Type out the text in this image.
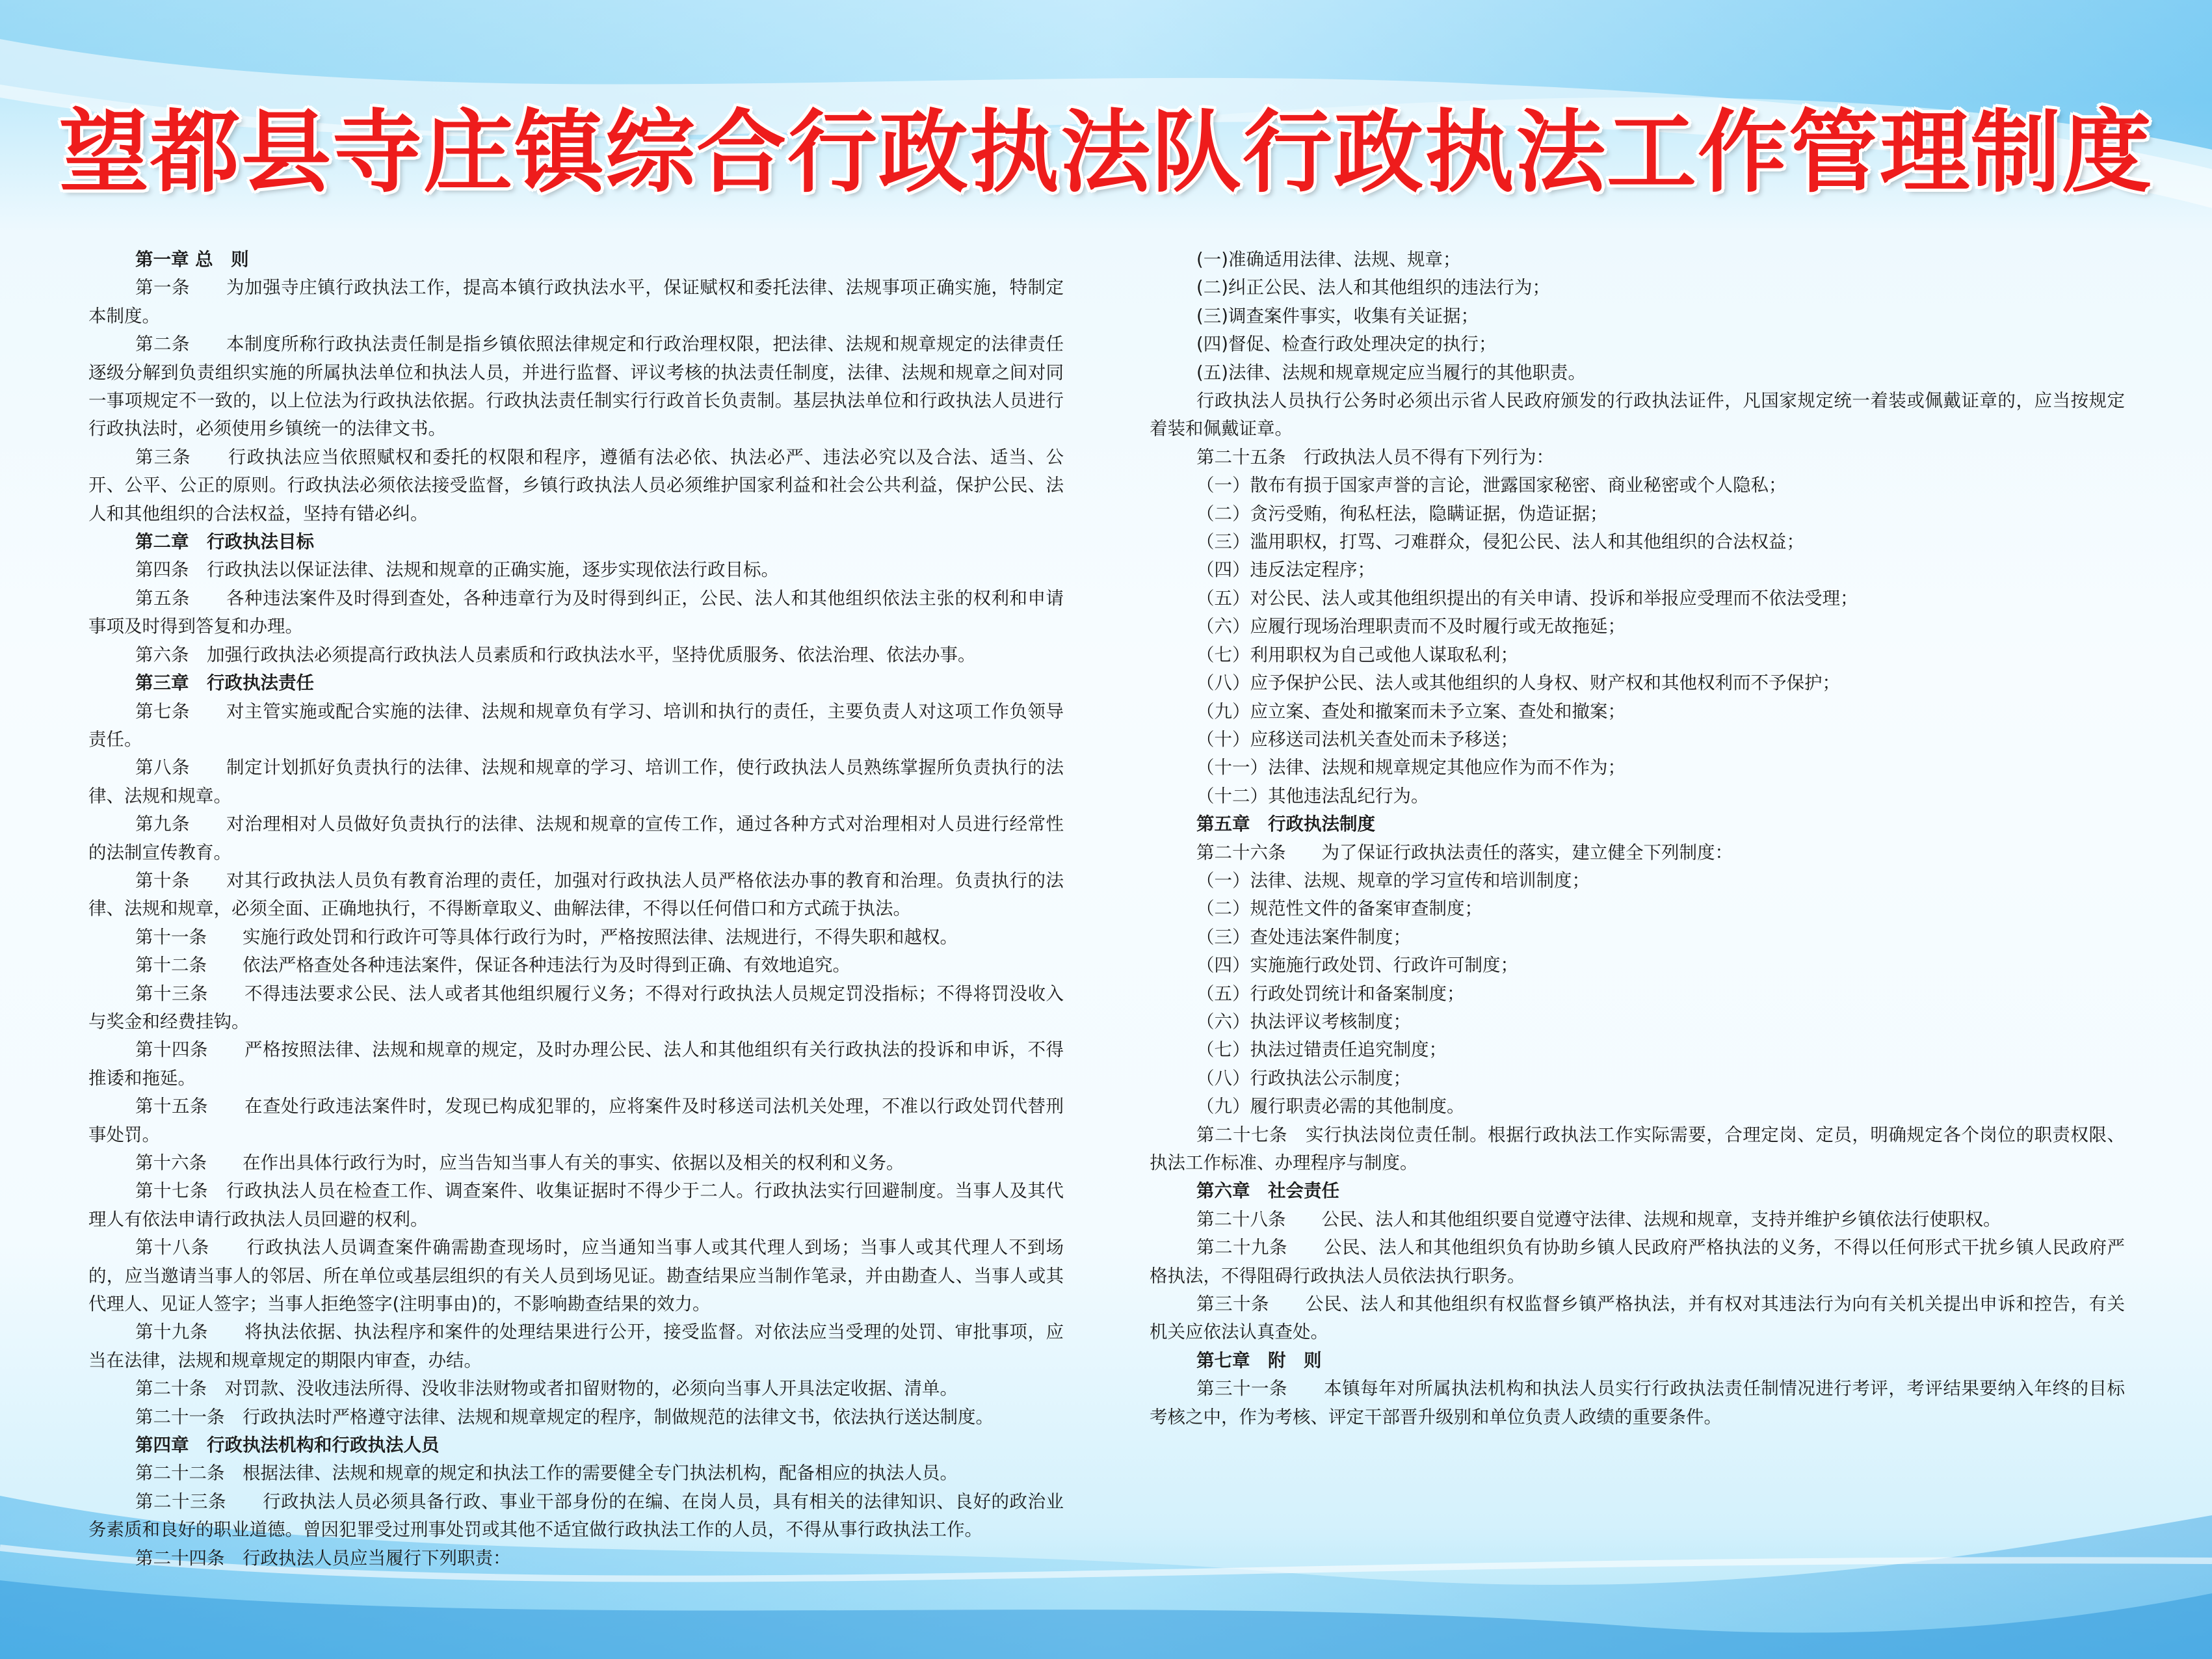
望都县寺庄镇综合行政执法队行政执法工作管理制度

第一章 总　则

第一条　　为加强寺庄镇行政执法工作，提高本镇行政执法水平，保证赋权和委托法律、法规事项正确实施，特制定本制度。

第二条　　本制度所称行政执法责任制是指乡镇依照法律规定和行政治理权限，把法律、法规和规章规定的法律责任逐级分解到负责组织实施的所属执法单位和执法人员，并进行监督、评议考核的执法责任制度，法律、法规和规章之间对同一事项规定不一致的，以上位法为行政执法依据。行政执法责任制实行行政首长负责制。基层执法单位和行政执法人员进行行政执法时，必须使用乡镇统一的法律文书。

第三条　　行政执法应当依照赋权和委托的权限和程序，遵循有法必依、执法必严、违法必究以及合法、适当、公开、公平、公正的原则。行政执法必须依法接受监督，乡镇行政执法人员必须维护国家利益和社会公共利益，保护公民、法人和其他组织的合法权益，坚持有错必纠。

第二章　行政执法目标

第四条　行政执法以保证法律、法规和规章的正确实施，逐步实现依法行政目标。

第五条　　各种违法案件及时得到查处，各种违章行为及时得到纠正，公民、法人和其他组织依法主张的权利和申请事项及时得到答复和办理。

第六条　加强行政执法必须提高行政执法人员素质和行政执法水平，坚持优质服务、依法治理、依法办事。

第三章　行政执法责任

第七条　　对主管实施或配合实施的法律、法规和规章负有学习、培训和执行的责任，主要负责人对这项工作负领导责任。

第八条　　制定计划抓好负责执行的法律、法规和规章的学习、培训工作，使行政执法人员熟练掌握所负责执行的法律、法规和规章。

第九条　　对治理相对人员做好负责执行的法律、法规和规章的宣传工作，通过各种方式对治理相对人员进行经常性的法制宣传教育。

第十条　　对其行政执法人员负有教育治理的责任，加强对行政执法人员严格依法办事的教育和治理。负责执行的法律、法规和规章，必须全面、正确地执行，不得断章取义、曲解法律，不得以任何借口和方式疏于执法。

第十一条　　实施行政处罚和行政许可等具体行政行为时，严格按照法律、法规进行，不得失职和越权。

第十二条　　依法严格查处各种违法案件，保证各种违法行为及时得到正确、有效地追究。

第十三条　　不得违法要求公民、法人或者其他组织履行义务；不得对行政执法人员规定罚没指标；不得将罚没收入与奖金和经费挂钩。

第十四条　　严格按照法律、法规和规章的规定，及时办理公民、法人和其他组织有关行政执法的投诉和申诉，不得推诿和拖延。

第十五条　　在查处行政违法案件时，发现已构成犯罪的，应将案件及时移送司法机关处理，不准以行政处罚代替刑事处罚。

第十六条　　在作出具体行政行为时，应当告知当事人有关的事实、依据以及相关的权利和义务。

第十七条　行政执法人员在检查工作、调查案件、收集证据时不得少于二人。行政执法实行回避制度。当事人及其代理人有依法申请行政执法人员回避的权利。

第十八条　　行政执法人员调查案件确需勘查现场时，应当通知当事人或其代理人到场；当事人或其代理人不到场的，应当邀请当事人的邻居、所在单位或基层组织的有关人员到场见证。勘查结果应当制作笔录，并由勘查人、当事人或其代理人、见证人签字；当事人拒绝签字(注明事由)的，不影响勘查结果的效力。

第十九条　　将执法依据、执法程序和案件的处理结果进行公开，接受监督。对依法应当受理的处罚、审批事项，应当在法律，法规和规章规定的期限内审查，办结。

第二十条　对罚款、没收违法所得、没收非法财物或者扣留财物的，必须向当事人开具法定收据、清单。

第二十一条　行政执法时严格遵守法律、法规和规章规定的程序，制做规范的法律文书，依法执行送达制度。

第四章　行政执法机构和行政执法人员

第二十二条　根据法律、法规和规章的规定和执法工作的需要健全专门执法机构，配备相应的执法人员。

第二十三条　　行政执法人员必须具备行政、事业干部身份的在编、在岗人员，具有相关的法律知识、良好的政治业务素质和良好的职业道德。曾因犯罪受过刑事处罚或其他不适宜做行政执法工作的人员，不得从事行政执法工作。

第二十四条　行政执法人员应当履行下列职责：

(一)准确适用法律、法规、规章；

(二)纠正公民、法人和其他组织的违法行为；

(三)调查案件事实，收集有关证据；

(四)督促、检查行政处理决定的执行；

(五)法律、法规和规章规定应当履行的其他职责。

行政执法人员执行公务时必须出示省人民政府颁发的行政执法证件，凡国家规定统一着装或佩戴证章的，应当按规定着装和佩戴证章。

第二十五条　行政执法人员不得有下列行为：

（一）散布有损于国家声誉的言论，泄露国家秘密、商业秘密或个人隐私；

（二）贪污受贿，徇私枉法，隐瞒证据，伪造证据；

（三）滥用职权，打骂、刁难群众，侵犯公民、法人和其他组织的合法权益；

（四）违反法定程序；

（五）对公民、法人或其他组织提出的有关申请、投诉和举报应受理而不依法受理；

（六）应履行现场治理职责而不及时履行或无故拖延；

（七）利用职权为自己或他人谋取私利；

（八）应予保护公民、法人或其他组织的人身权、财产权和其他权利而不予保护；

（九）应立案、查处和撤案而未予立案、查处和撤案；

（十）应移送司法机关查处而未予移送；

（十一）法律、法规和规章规定其他应作为而不作为；

（十二）其他违法乱纪行为。

第五章　行政执法制度

第二十六条　　为了保证行政执法责任的落实，建立健全下列制度：

（一）法律、法规、规章的学习宣传和培训制度；

（二）规范性文件的备案审查制度；

（三）查处违法案件制度；

（四）实施施行政处罚、行政许可制度；

（五）行政处罚统计和备案制度；

（六）执法评议考核制度；

（七）执法过错责任追究制度；

（八）行政执法公示制度；

（九）履行职责必需的其他制度。

第二十七条　实行执法岗位责任制。根据行政执法工作实际需要，合理定岗、定员，明确规定各个岗位的职责权限、执法工作标准、办理程序与制度。

第六章　社会责任

第二十八条　　公民、法人和其他组织要自觉遵守法律、法规和规章，支持并维护乡镇依法行使职权。

第二十九条　　公民、法人和其他组织负有协助乡镇人民政府严格执法的义务，不得以任何形式干扰乡镇人民政府严格执法，不得阻碍行政执法人员依法执行职务。

第三十条　　公民、法人和其他组织有权监督乡镇严格执法，并有权对其违法行为向有关机关提出申诉和控告，有关机关应依法认真查处。

第七章　附　则

第三十一条　　本镇每年对所属执法机构和执法人员实行行政执法责任制情况进行考评，考评结果要纳入年终的目标考核之中，作为考核、评定干部晋升级别和单位负责人政绩的重要条件。
